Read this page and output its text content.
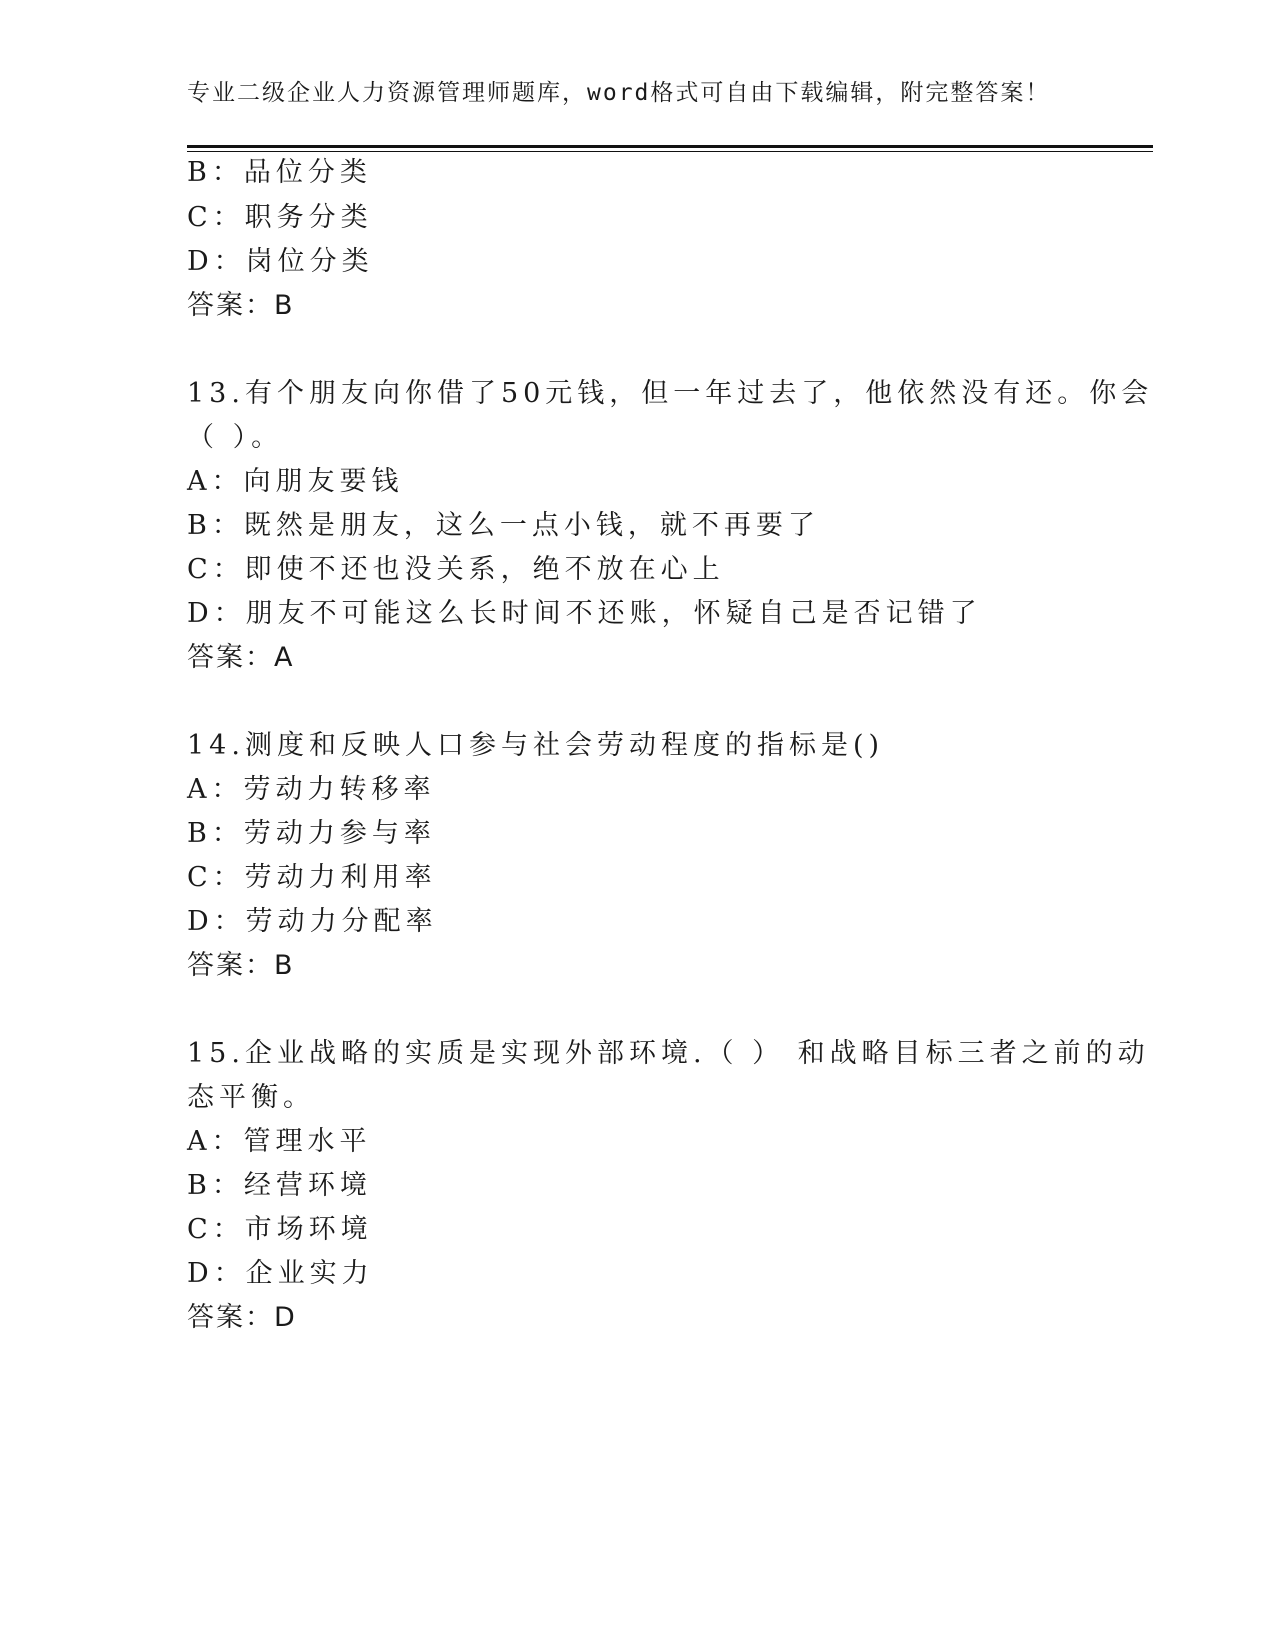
专业二级企业人力资源管理师题库，word格式可自由下载编辑，附完整答案！
B：品位分类
C：职务分类
D：岗位分类
答案：B
13.有个朋友向你借了50元钱，但一年过去了，他依然没有还。你会
（ ）。
A：向朋友要钱
B：既然是朋友，这么一点小钱，就不再要了
C：即使不还也没关系，绝不放在心上
D：朋友不可能这么长时间不还账，怀疑自己是否记错了
答案：A
14.测度和反映人口参与社会劳动程度的指标是()
A：劳动力转移率
B：劳动力参与率
C：劳动力利用率
D：劳动力分配率
答案：B
15.企业战略的实质是实现外部环境.（ ） 和战略目标三者之前的动
态平衡。
A：管理水平
B：经营环境
C：市场环境
D：企业实力
答案：D
